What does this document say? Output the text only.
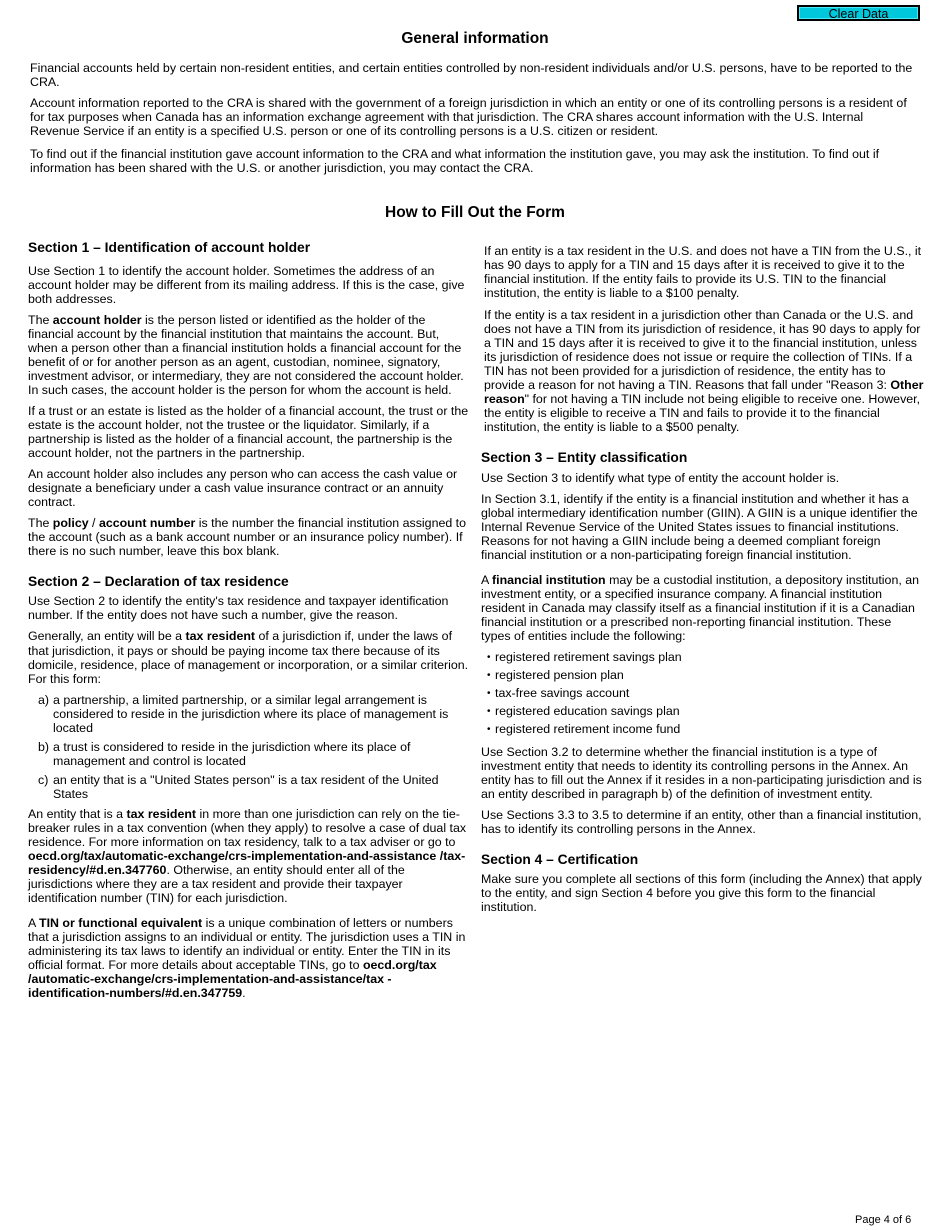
Clear Data
General information

Financial accounts held by certain non-resident entities, and certain entities controlled by non-resident individuals and/or U.S. persons, have to be reported to the CRA.

Account information reported to the CRA is shared with the government of a foreign jurisdiction in which an entity or one of its controlling persons is a resident of for tax purposes when Canada has an information exchange agreement with that jurisdiction. The CRA shares account information with the U.S. Internal Revenue Service if an entity is a specified U.S. person or one of its controlling persons is a U.S. citizen or resident.

To find out if the financial institution gave account information to the CRA and what information the institution gave, you may ask the institution. To find out if information has been shared with the U.S. or another jurisdiction, you may contact the CRA.

How to Fill Out the Form
Section 1 – Identification of account holder

Use Section 1 to identify the account holder. Sometimes the address of an account holder may be different from its mailing address. If this is the case, give both addresses.

The account holder is the person listed or identified as the holder of the financial account by the financial institution that maintains the account. But, when a person other than a financial institution holds a financial account for the benefit of or for another person as an agent, custodian, nominee, signatory, investment advisor, or intermediary, they are not considered the account holder. In such cases, the account holder is the person for whom the account is held.

If a trust or an estate is listed as the holder of a financial account, the trust or the estate is the account holder, not the trustee or the liquidator. Similarly, if a partnership is listed as the holder of a financial account, the partnership is the account holder, not the partners in the partnership.

An account holder also includes any person who can access the cash value or designate a beneficiary under a cash value insurance contract or an annuity contract.

The policy / account number is the number the financial institution assigned to the account (such as a bank account number or an insurance policy number). If there is no such number, leave this box blank.

Section 2 – Declaration of tax residence

Use Section 2 to identify the entity's tax residence and taxpayer identification number. If the entity does not have such a number, give the reason.

Generally, an entity will be a tax resident of a jurisdiction if, under the laws of that jurisdiction, it pays or should be paying income tax there because of its domicile, residence, place of management or incorporation, or a similar criterion. For this form:

a) a partnership, a limited partnership, or a similar legal arrangement is considered to reside in the jurisdiction where its place of management is located
b) a trust is considered to reside in the jurisdiction where its place of management and control is located
c) an entity that is a "United States person" is a tax resident of the United States

An entity that is a tax resident in more than one jurisdiction can rely on the tie-breaker rules in a tax convention (when they apply) to resolve a case of dual tax residence. For more information on tax residency, talk to a tax adviser or go to oecd.org/tax/automatic-exchange/crs-implementation-and-assistance /tax-residency/#d.en.347760. Otherwise, an entity should enter all of the jurisdictions where they are a tax resident and provide their taxpayer identification number (TIN) for each jurisdiction.

A TIN or functional equivalent is a unique combination of letters or numbers that a jurisdiction assigns to an individual or entity. The jurisdiction uses a TIN in administering its tax laws to identify an individual or entity. Enter the TIN in its official format. For more details about acceptable TINs, go to oecd.org/tax /automatic-exchange/crs-implementation-and-assistance/tax -identification-numbers/#d.en.347759.

If an entity is a tax resident in the U.S. and does not have a TIN from the U.S., it has 90 days to apply for a TIN and 15 days after it is received to give it to the financial institution. If the entity fails to provide its U.S. TIN to the financial institution, the entity is liable to a $100 penalty.

If the entity is a tax resident in a jurisdiction other than Canada or the U.S. and does not have a TIN from its jurisdiction of residence, it has 90 days to apply for a TIN and 15 days after it is received to give it to the financial institution, unless its jurisdiction of residence does not issue or require the collection of TINs. If a TIN has not been provided for a jurisdiction of residence, the entity has to provide a reason for not having a TIN. Reasons that fall under "Reason 3: Other reason" for not having a TIN include not being eligible to receive one. However, the entity is eligible to receive a TIN and fails to provide it to the financial institution, the entity is liable to a $500 penalty.

Section 3 – Entity classification

Use Section 3 to identify what type of entity the account holder is.

In Section 3.1, identify if the entity is a financial institution and whether it has a global intermediary identification number (GIIN). A GIIN is a unique identifier the Internal Revenue Service of the United States issues to financial institutions. Reasons for not having a GIIN include being a deemed compliant foreign financial institution or a non-participating foreign financial institution.

A financial institution may be a custodial institution, a depository institution, an investment entity, or a specified insurance company. A financial institution resident in Canada may classify itself as a financial institution if it is a Canadian financial institution or a prescribed non-reporting financial institution. These types of entities include the following:

• registered retirement savings plan
• registered pension plan
• tax-free savings account
• registered education savings plan
• registered retirement income fund

Use Section 3.2 to determine whether the financial institution is a type of investment entity that needs to identity its controlling persons in the Annex. An entity has to fill out the Annex if it resides in a non-participating jurisdiction and is an entity described in paragraph b) of the definition of investment entity.

Use Sections 3.3 to 3.5 to determine if an entity, other than a financial institution, has to identify its controlling persons in the Annex.

Section 4 – Certification

Make sure you complete all sections of this form (including the Annex) that apply to the entity, and sign Section 4 before you give this form to the financial institution.

Page 4 of 6
